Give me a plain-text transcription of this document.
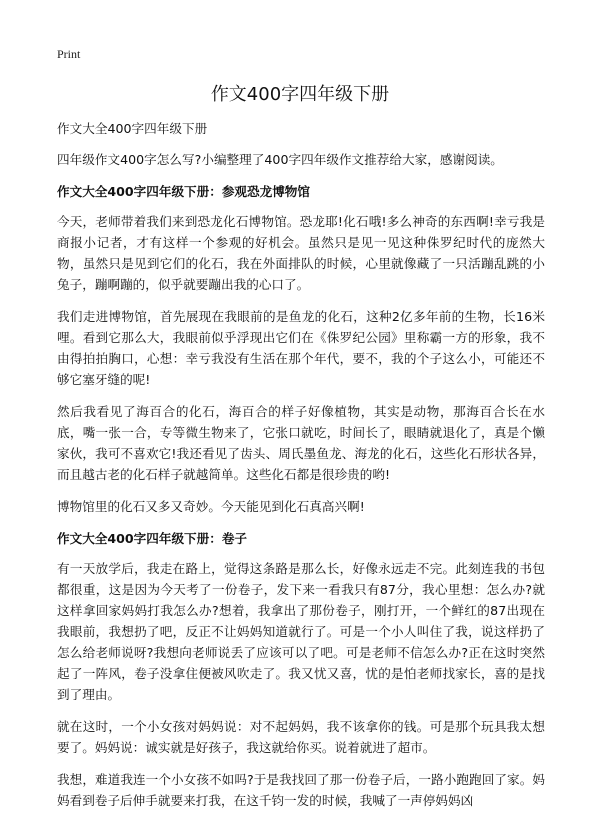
Print
作文400字四年级下册

作文大全400字四年级下册

四年级作文400字怎么写?小编整理了400字四年级作文推荐给大家，感谢阅读。

作文大全400字四年级下册：参观恐龙博物馆

今天，老师带着我们来到恐龙化石博物馆。恐龙耶!化石哦!多么神奇的东西啊!幸亏我是商报小记者，才有这样一个参观的好机会。虽然只是见一见这种侏罗纪时代的庞然大物，虽然只是见到它们的化石，我在外面排队的时候，心里就像藏了一只活蹦乱跳的小兔子，蹦啊蹦的，似乎就要蹦出我的心口了。

我们走进博物馆，首先展现在我眼前的是鱼龙的化石，这种2亿多年前的生物，长16米哩。看到它那么大，我眼前似乎浮现出它们在《侏罗纪公园》里称霸一方的形象，我不由得拍拍胸口，心想：幸亏我没有生活在那个年代，要不，我的个子这么小，可能还不够它塞牙缝的呢!

然后我看见了海百合的化石，海百合的样子好像植物，其实是动物，那海百合长在水底，嘴一张一合，专等微生物来了，它张口就吃，时间长了，眼睛就退化了，真是个懒家伙，我可不喜欢它!我还看见了齿头、周氏墨鱼龙、海龙的化石，这些化石形状各异，而且越古老的化石样子就越简单。这些化石都是很珍贵的哟!

博物馆里的化石又多又奇妙。今天能见到化石真高兴啊!

作文大全400字四年级下册：卷子

有一天放学后，我走在路上，觉得这条路是那么长，好像永远走不完。此刻连我的书包都很重，这是因为今天考了一份卷子，发下来一看我只有87分，我心里想：怎么办?就这样拿回家妈妈打我怎么办?想着，我拿出了那份卷子，刚打开，一个鲜红的87出现在我眼前，我想扔了吧，反正不让妈妈知道就行了。可是一个小人叫住了我，说这样扔了怎么给老师说呀?我想向老师说丢了应该可以了吧。可是老师不信怎么办?正在这时突然起了一阵风，卷子没拿住便被风吹走了。我又忧又喜，忧的是怕老师找家长，喜的是找到了理由。

就在这时，一个小女孩对妈妈说：对不起妈妈，我不该拿你的钱。可是那个玩具我太想要了。妈妈说：诚实就是好孩子，我这就给你买。说着就进了超市。

我想，难道我连一个小女孩不如吗?于是我找回了那一份卷子后，一路小跑跑回了家。妈妈看到卷子后伸手就要来打我，在这千钧一发的时候，我喊了一声停妈妈凶
